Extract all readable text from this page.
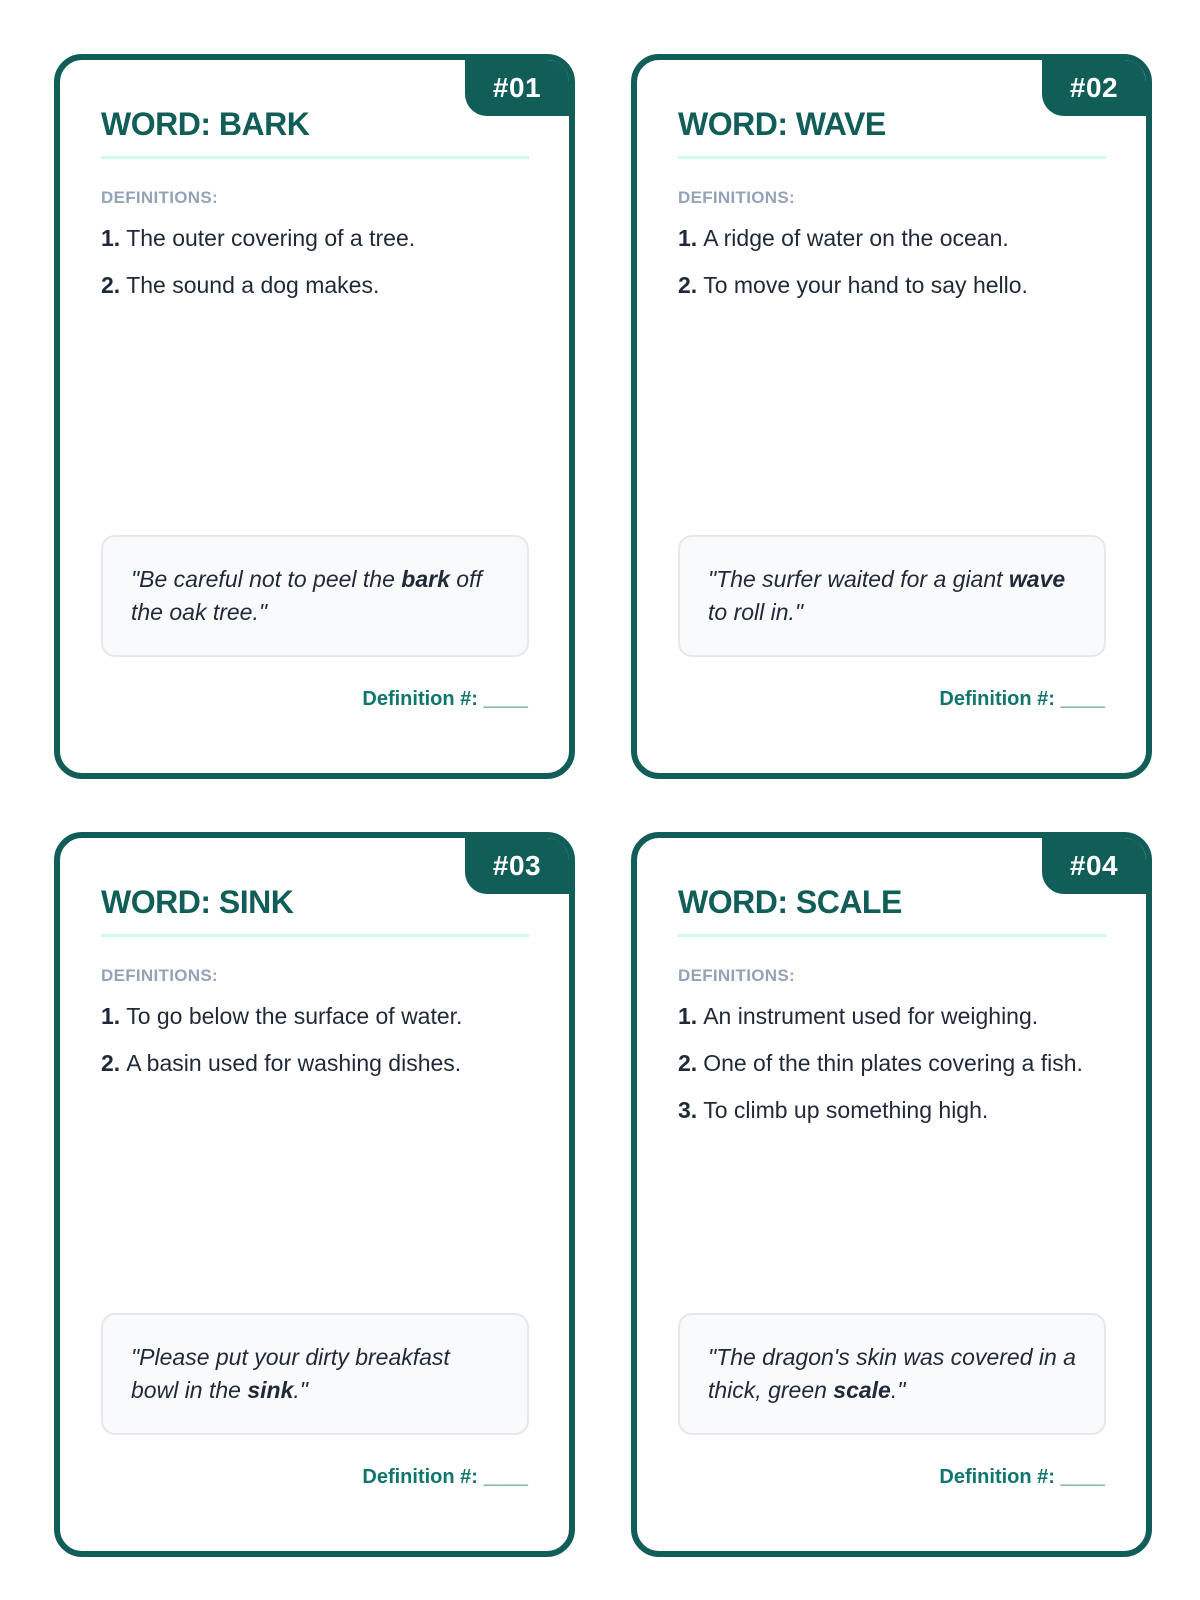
#01
WORD: BARK
DEFINITIONS:
1. The outer covering of a tree.
2. The sound a dog makes.
"Be careful not to peel the bark off the oak tree."
Definition #: ____
#02
WORD: WAVE
DEFINITIONS:
1. A ridge of water on the ocean.
2. To move your hand to say hello.
"The surfer waited for a giant wave to roll in."
Definition #: ____
#03
WORD: SINK
DEFINITIONS:
1. To go below the surface of water.
2. A basin used for washing dishes.
"Please put your dirty breakfast bowl in the sink."
Definition #: ____
#04
WORD: SCALE
DEFINITIONS:
1. An instrument used for weighing.
2. One of the thin plates covering a fish.
3. To climb up something high.
"The dragon's skin was covered in a thick, green scale."
Definition #: ____
